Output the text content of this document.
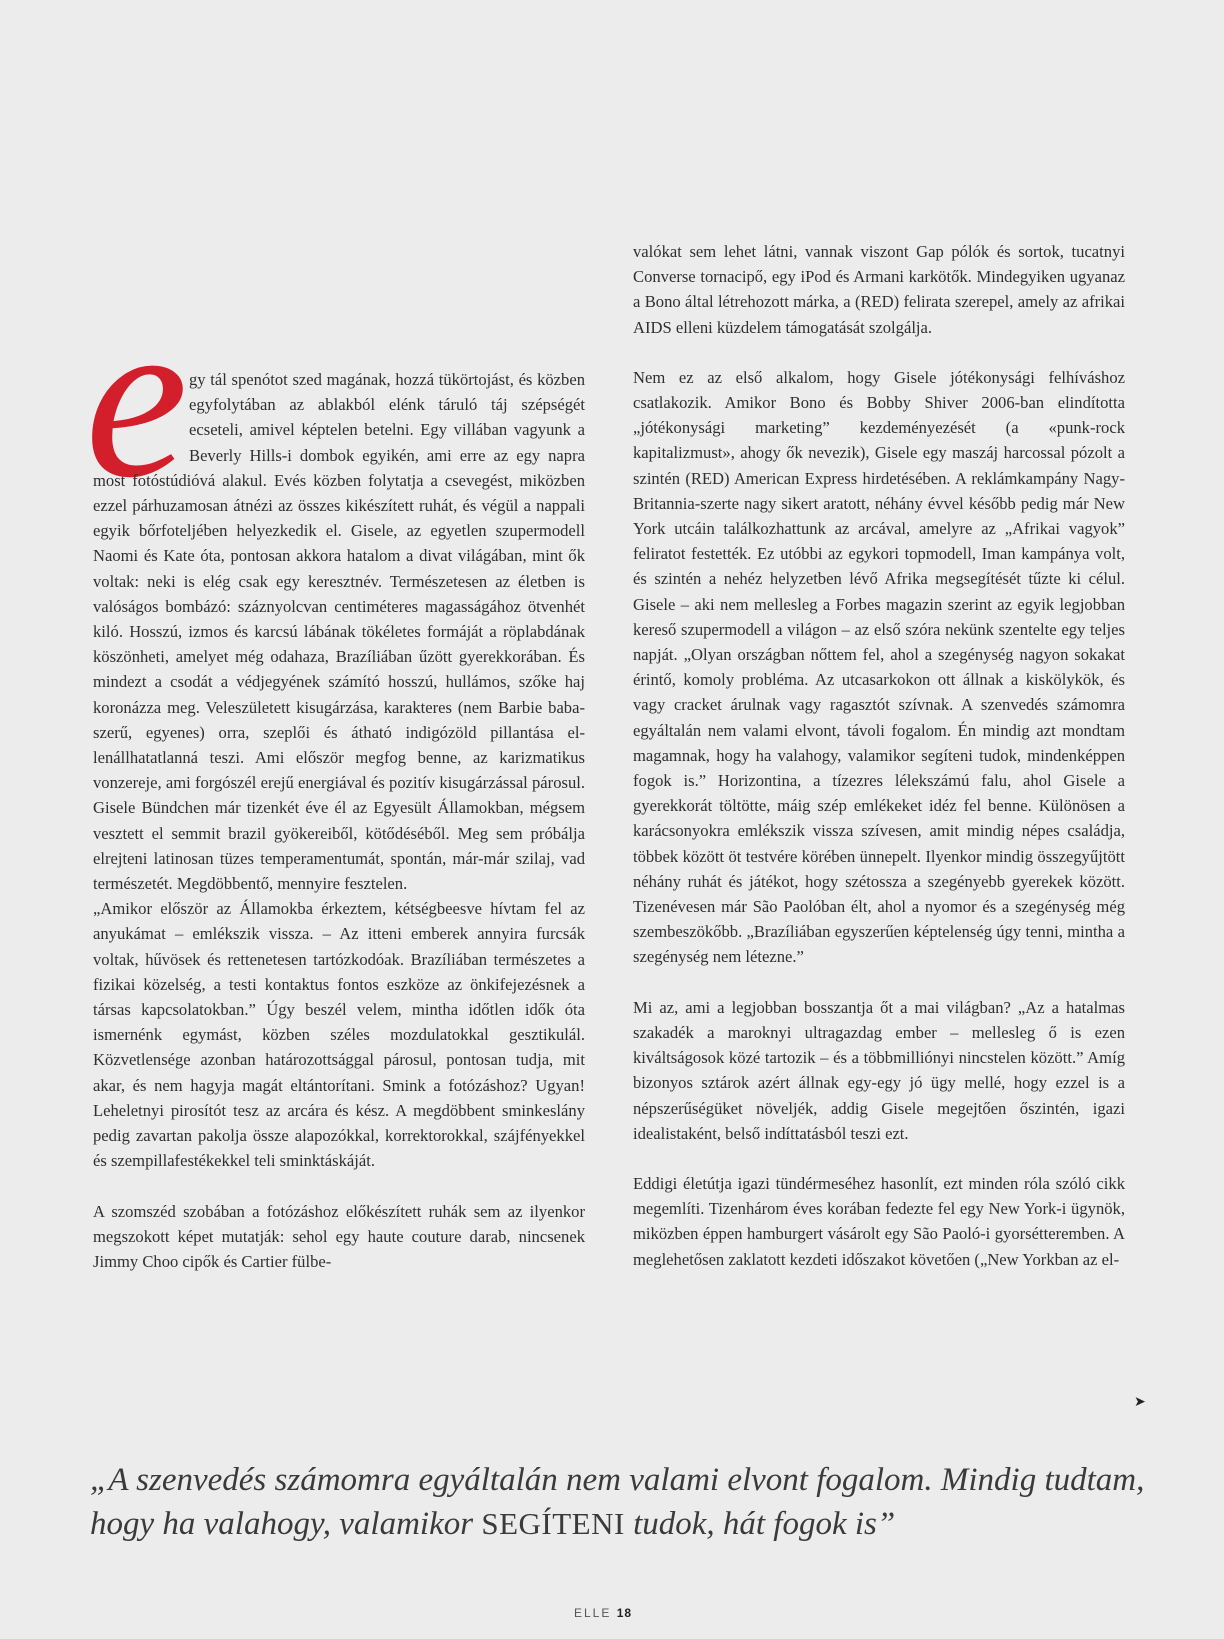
egy tál spenótot szed magának, hozzá tükörtojást, és közben egyfolytában az ablakból elénk táruló táj szépségét ecseteli, amivel képtelen betelni. Egy villában vagyunk a Beverly Hills-i dombok egyikén, ami erre az egy napra most fotóstúdióvá alakul. Evés közben folytatja a csevegést, miközben ezzel párhuzamosan átnézi az összes kikészített ruhát, és végül a nappali egyik bőrfoteljében helyezkedik el. Gisele, az egyetlen szupermodell Naomi és Kate óta, pontosan akkora hatalom a divat világában, mint ők voltak: neki is elég csak egy keresztnév. Természetesen az életben is valóságos bombázó: száznyolcvan centiméteres magasságához ötvenhét kiló. Hosszú, izmos és karcsú lábának tökéletes formáját a röplabdának köszönheti, amelyet még odahaza, Brazíliában űzött gyerekkorában. És mindezt a csodát a védjegyének számító hosszú, hullámos, szőke haj koronázza meg. Veleszületett kisugárzása, karakteres (nem Barbie baba-szerű, egyenes) orra, szeplői és átható indigózöld pillantása ellenállhatatlanná teszi. Ami először megfog benne, az karizmatikus vonzereje, ami forgószél erejű energiával és pozitív kisugárzással párosul. Gisele Bündchen már tizenkét éve él az Egyesült Államokban, mégsem vesztett el semmit brazil gyökereiből, kötődéséből. Meg sem próbálja elrejteni latinosan tüzes temperamentumát, spontán, már-már szilaj, vad természetét. Megdöbbentő, mennyire fesztelen.

„Amikor először az Államokba érkeztem, kétségbeesve hívtam fel az anyukámat – emlékszik vissza. – Az itteni emberek annyira furcsák voltak, hűvösek és rettenetesen tartózkodóak. Brazíliában természetes a fizikai közelség, a testi kontaktus fontos eszköze az önkifejezésnek a társas kapcsolatokban.” Úgy beszél velem, mintha időtlen idők óta ismernénk egymást, közben széles mozdulatokkal gesztikulál. Közvetlensége azonban határozottsággal párosul, pontosan tudja, mit akar, és nem hagyja magát eltántorítаni. Smink a fotózáshoz? Ugyan! Leheletnyi pirosítót tesz az arcára és kész. A megdöbbent sminkeslány pedig zavartan pakolja össze alapozókkal, korrektorokkal, szájfényekkel és szempillafestékekkel teli sminktáskáját.

A szomszéd szobában a fotózáshoz előkészített ruhák sem az ilyenkor megszokott képet mutatják: sehol egy haute couture darab, nincsenek Jimmy Choo cipők és Cartier fülbe-

valókat sem lehet látni, vannak viszont Gap pólók és sortok, tucatnyi Converse tornacipő, egy iPod és Armani karkötők. Mindegyiken ugyanaz a Bono által létrehozott márka, a (RED) felirata szerepel, amely az afrikai AIDS elleni küzdelem támogatását szolgálja.

Nem ez az első alkalom, hogy Gisele jótékonysági felhíváshoz csatlakozik. Amikor Bono és Bobby Shiver 2006-ban elindította „jótékonysági marketing” kezdeményezését (a «punk-rock kapitalizmust», ahogy ők nevezik), Gisele egy maszáj harcossal pózolt a szintén (RED) American Express hirdetésében. A reklámkampány Nagy-Britannia-szerte nagy sikert aratott, néhány évvel később pedig már New York utcáin találkozhattunk az arcával, amelyre az „Afrikai vagyok” feliratot festették. Ez utóbbi az egykori topmodell, Iman kampánya volt, és szintén a nehéz helyzetben lévő Afrika megsegítését tűzte ki célul. Gisele – aki nem mellesleg a Forbes magazin szerint az egyik legjobban kereső szupermodell a világon – az első szóra nekünk szentelte egy teljes napját. „Olyan országban nőttem fel, ahol a szegénység nagyon sokakat érintő, komoly probléma. Az utcasarkokon ott állnak a kiskölykök, és vagy cracket árulnak vagy ragasztót szívnak. A szenvedés számomra egyáltalán nem valami elvont, távoli fogalom. Én mindig azt mondtam magamnak, hogy ha valahogy, valamikor segíteni tudok, mindenképpen fogok is.” Horizontina, a tízezres lélekszámú falu, ahol Gisele a gyerekkorát töltötte, máig szép emlékeket idéz fel benne. Különösen a karácsonyokra emlékszik vissza szívesen, amit mindig népes családja, többek között öt testvére körében ünnepelt. Ilyenkor mindig összegyűjtött néhány ruhát és játékot, hogy szétossza a szegényebb gyerekek között. Tizenévesen már São Paolóban élt, ahol a nyomor és a szegénység még szembeszökőbb. „Brazíliában egyszerűen képtelenség úgy tenni, mintha a szegénység nem létezne.”

Mi az, ami a legjobban bosszantja őt a mai világban? „Az a hatalmas szakadék a maroknyi ultragazdag ember – mellesleg ő is ezen kiváltságosok közé tartozik – és a többmilliónyi nincstelen között.” Amíg bizonyos sztárok azért állnak egy-egy jó ügy mellé, hogy ezzel is a népszerűségüket növeljék, addig Gisele megejtően őszintén, igazi idealistaként, belső indíttatásból teszi ezt.

Eddigi életútja igazi tündérmeséhez hasonlít, ezt minden róla szóló cikk megemlíti. Tizenhárom éves korában fedezte fel egy New York-i ügynök, miközben éppen hamburgert vásárolt egy São Paoló-i gyorsétteremben. A meglehetősen zaklatott kezdeti időszakot követően („New Yorkban az el-

➤
„A szenvedés számomra egyáltalán nem valami elvont fogalom. Mindig tudtam, hogy ha valahogy, valamikor SEGÍTENI tudok, hát fogok is”
ELLE 18
